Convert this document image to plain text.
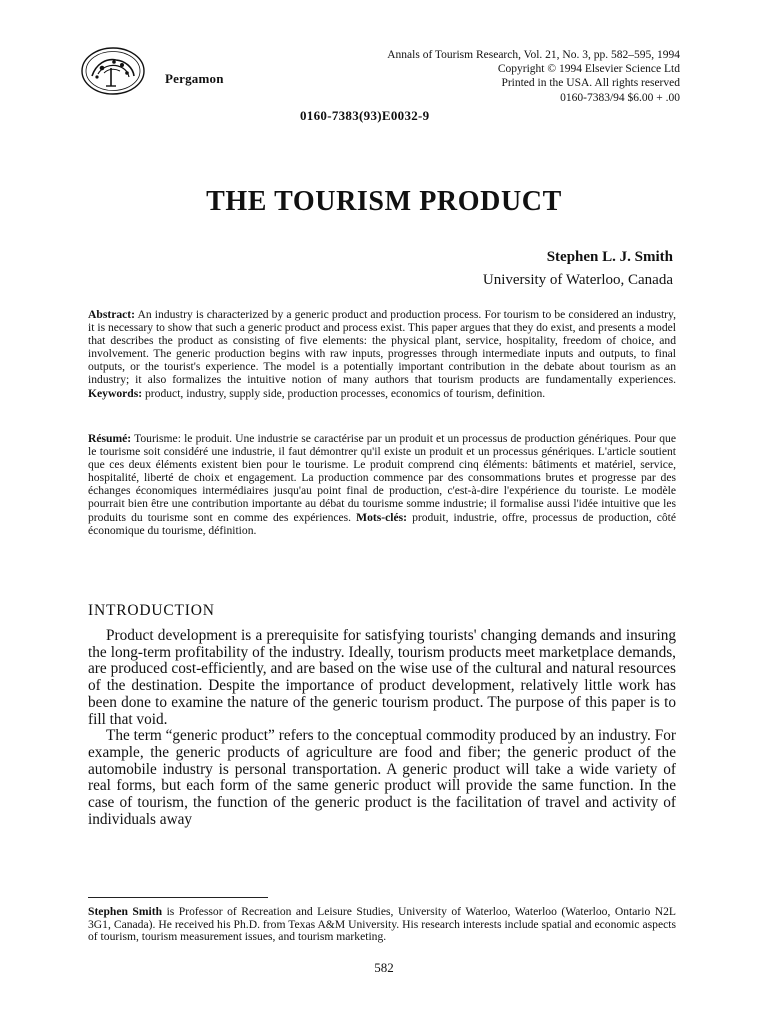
Pergamon
Annals of Tourism Research, Vol. 21, No. 3, pp. 582–595, 1994
Copyright © 1994 Elsevier Science Ltd
Printed in the USA. All rights reserved
0160-7383/94 $6.00 + .00
0160-7383(93)E0032-9
THE TOURISM PRODUCT
Stephen L. J. Smith
University of Waterloo, Canada
Abstract: An industry is characterized by a generic product and production process. For tourism to be considered an industry, it is necessary to show that such a generic product and process exist. This paper argues that they do exist, and presents a model that describes the product as consisting of five elements: the physical plant, service, hospitality, freedom of choice, and involvement. The generic production begins with raw inputs, progresses through intermediate inputs and outputs, to final outputs, or the tourist's experience. The model is a potentially important contribution in the debate about tourism as an industry; it also formalizes the intuitive notion of many authors that tourism products are fundamentally experiences. Keywords: product, industry, supply side, production processes, economics of tourism, definition.
Résumé: Tourisme: le produit. Une industrie se caractérise par un produit et un processus de production génériques. Pour que le tourisme soit considéré une industrie, il faut démontrer qu'il existe un produit et un processus génériques. L'article soutient que ces deux éléments existent bien pour le tourisme. Le produit comprend cinq éléments: bâtiments et matériel, service, hospitalité, liberté de choix et engagement. La production commence par des consommations brutes et progresse par des échanges économiques intermédiaires jusqu'au point final de production, c'est-à-dire l'expérience du touriste. Le modèle pourrait bien être une contribution importante au débat du tourisme somme industrie; il formalise aussi l'idée intuitive que les produits du tourisme sont en comme des expériences. Mots-clés: produit, industrie, offre, processus de production, côté économique du tourisme, définition.
INTRODUCTION

Product development is a prerequisite for satisfying tourists' changing demands and insuring the long-term profitability of the industry. Ideally, tourism products meet marketplace demands, are produced cost-efficiently, and are based on the wise use of the cultural and natural resources of the destination. Despite the importance of product development, relatively little work has been done to examine the nature of the generic tourism product. The purpose of this paper is to fill that void.

The term “generic product” refers to the conceptual commodity produced by an industry. For example, the generic products of agriculture are food and fiber; the generic product of the automobile industry is personal transportation. A generic product will take a wide variety of real forms, but each form of the same generic product will provide the same function. In the case of tourism, the function of the generic product is the facilitation of travel and activity of individuals away

Stephen Smith is Professor of Recreation and Leisure Studies, University of Waterloo, Waterloo (Waterloo, Ontario N2L 3G1, Canada). He received his Ph.D. from Texas A&M University. His research interests include spatial and economic aspects of tourism, tourism measurement issues, and tourism marketing.
582
